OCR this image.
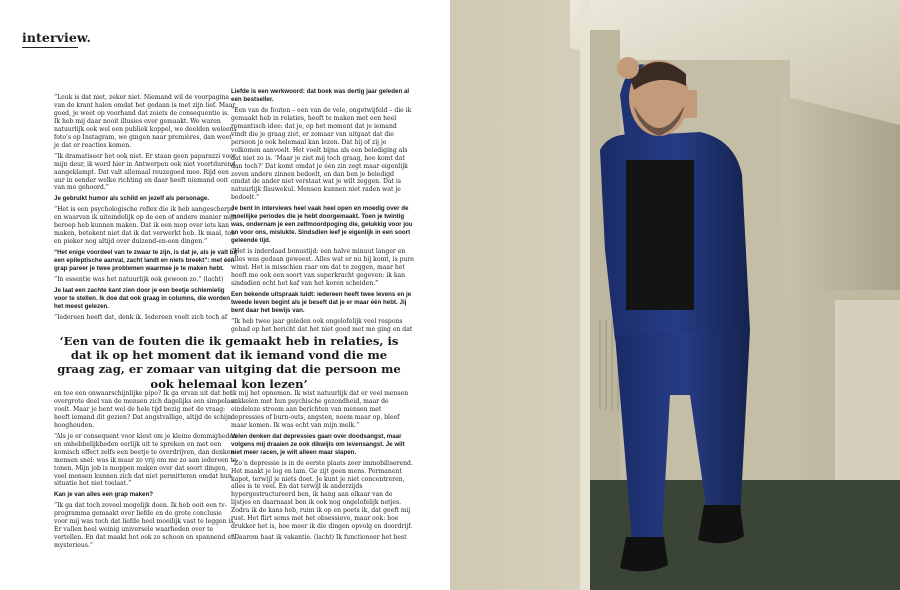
interview.

“Leuk is dat niet, zeker niet. Niemand wil de voorpagina van de krant halen omdat het gedaan is met zijn lief. Maar goed, je weet op voorhand dat zoiets de consequentie is. Ik heb mij daar nooit illusies over gemaakt. We waren natuurlijk ook wel een publiek koppel, we deelden weleens foto’s op Instagram, we gingen naar premières, dan weet je dat er reacties komen.

“Ik dramatiseer het ook niet. Er staan geen paparazzi voor mijn deur, ik word hier in Antwerpen ook niet voortdurend aangeklampt. Dat valt allemaal reuzegoed mee. Rijd een uur in eender welke richting en daar heeft niemand ooit van me gehoord.”

Je gebruikt humor als schild en jezelf als personage.

“Het is een psychologische reflex die ik heb aangescherpt en waarvan ik uiteindelijk op de een of andere manier mijn beroep heb kunnen maken. Dat ik een mop over iets kan maken, betekent niet dat ik dat verwerkt heb. Ik maal, tob en pieker nog altijd over duizend-en-een dingen.”

“Het enige voordeel van te zwaar te zijn, is dat je, als je valt bij een epileptische aanval, zacht landt en niets breekt”: met één grap pareer je twee problemen waarmee je te maken hebt.

“In essentie was het natuurlijk ook gewoon zo.” (lacht)

Je laat een zachte kant zien door je een beetje schlemielig voor te stellen. Ik doe dat ook graag in columns, die worden het meest gelezen.

“Iedereen heeft dat, denk ik. Iedereen voelt zich toch af

Liefde is een werkwoord: dat boek was dertig jaar geleden al een bestseller.

“Een van de fouten – een van de vele, ongetwijfeld – die ik gemaakt heb in relaties, heeft te maken met een heel romantisch idee: dat je, op het moment dat je iemand vindt die je graag ziet, er zomaar van uitgaat dat die persoon je ook helemaal kan lezen. Dat hij of zij je volkomen aanvoelt. Het voelt bijna als een belediging als dat niet zo is. ‘Maar je ziet mij toch graag, hoe komt dat dan toch?’ Dat komt omdat je één zin zegt maar eigenlijk zeven andere zinnen bedoelt, en dan ben je beledigd omdat de ander niet verstaat wat je wilt zeggen. Dat is natuurlijk flauwekul. Mensen kunnen niet raden wat je bedoelt.”

Je bent in interviews heel vaak heel open en moedig over de moeilijke periodes die je hebt doorgemaakt. Toen je twintig was, ondernam je een zelfmoordpoging die, gelukkig voor jou en voor ons, mislukte. Sindsdien leef je eigenlijk in een soort geleende tijd.

“Het is inderdaad bonustijd: een halve minuut langer en alles was gedaan geweest. Alles wat er nu bij komt, is pure winst. Het is misschien raar om dat te zeggen, maar het heeft me ook een soort van superkracht gegeven: ik kan sindsdien echt het kaf van het koren scheiden.”

Een bekende uitspraak luidt: iedereen heeft twee levens en je tweede leven begint als je beseft dat je er maar één hebt. Jij bent daar het bewijs van.

“Ik heb twee jaar geleden ook ongelofelijk veel respons gehad op het bericht dat het niet goed met me ging en dat

‘Een van de fouten die ik gemaakt heb in relaties, is dat ik op het moment dat ik iemand vond die me graag zag, er zomaar van uitging dat die persoon me ook helemaal kon lezen’

en toe een onwaarschijnlijke pipo? Ik ga ervan uit dat het overgrote deel van de mensen zich dagelijks een simpelaar voelt. Maar je bent wel de hele tijd bezig met de vraag: heeft iemand dit gezien? Dat angstvallige, altijd de schijn hooghouden.

“Als je er consequent voor kiest om je kleine dommigheden en onhebbelijkheden eerlijk uit te spreken en met een komisch effect zelfs een beetje te overdrijven, dan denken mensen snel: was ik maar zo vrij om me zo aan iedereen te tonen. Mijn job is moppen maken over dat soort dingen, veel mensen kunnen zich dat niet permitteren omdat hun situatie het niet toelaat.”

Kan je van alles een grap maken?

“Ik ga dat toch zoveel mogelijk doen. Ik heb ooit een tv-programma gemaakt over liefde en de grote conclusie voor mij was toch dat liefde heel moeilijk vast te leggen is. Er vallen heel weinig universele waarheden over te vertellen. En dat maakt het ook zo schoon en spannend en mysterieus.”

ik mij het opnemen. Ik wist natuurlijk dat er veel mensen sukkelen met hun psychische gezondheid, maar de eindeloze stroom aan berichten van mensen met depressies of burn-outs, angsten, noem maar op, bleef maar komen. Ik was echt van mijn melk.”

Velen denken dat depressies gaan over doodsangst, maar volgens mij draaien ze ook dikwijls om levensangst. Je wilt niet meer racen, je wilt alleen maar slapen.

“Zo’n depressie is in de eerste plaats zeer immobiliserend. Het maakt je log en lam. Ge zijt geen mens. Permanent kapot, terwijl je niets doet. Je kunt je niet concentreren, alles is te veel. En dat terwijl ik anderzijds hypergestructureerd ben, ik hang aan elkaar van de lijstjes en daarnaast ben ik ook nog ongelofelijk netjes. Zodra ik de kans heb, ruim ik op en poets ik, dat geeft mij rust. Het flirt soms met het obsessieve, maar ook: hoe drukker het is, hoe meer ik die dingen opvolg en doordrijf.

“Daarom haat ik vakantie. (lacht) Ik functioneer het best
